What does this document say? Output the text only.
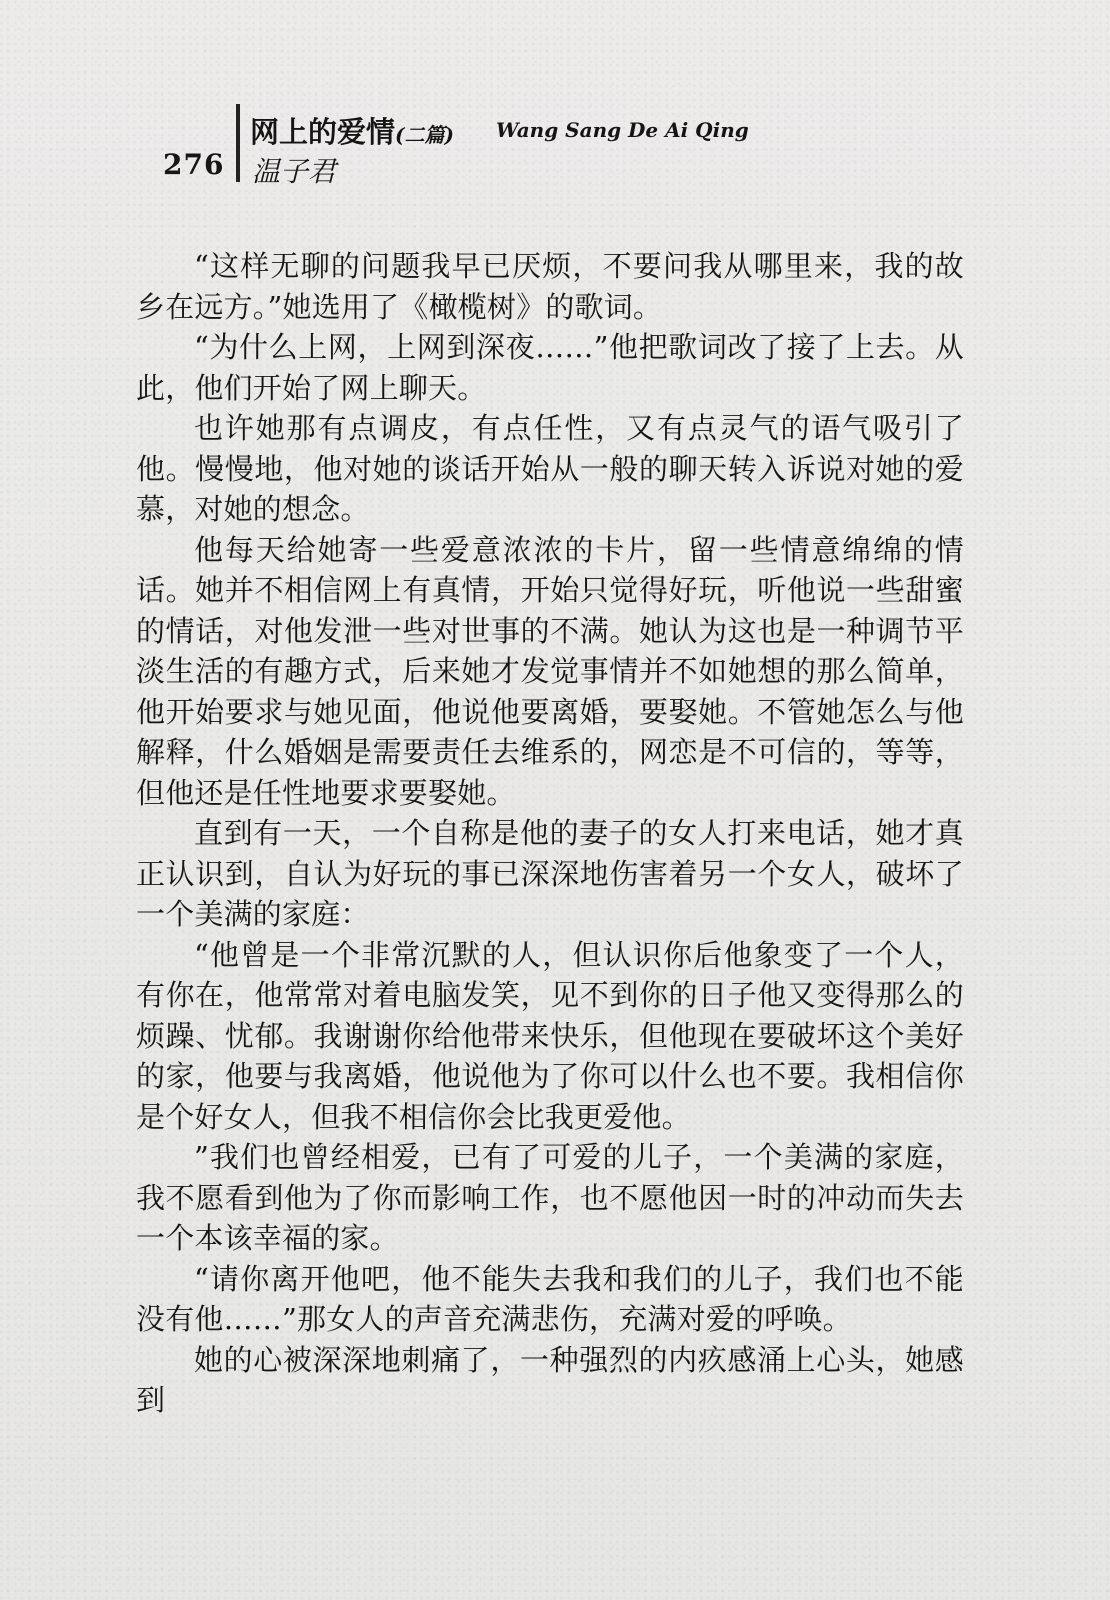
276
网上的爱情(二篇) Wang Sang De Ai Qing
温子君

“这样无聊的问题我早已厌烦，不要问我从哪里来，我的故乡在远方。”她选用了《橄榄树》的歌词。

“为什么上网，上网到深夜……”他把歌词改了接了上去。从此，他们开始了网上聊天。

也许她那有点调皮，有点任性，又有点灵气的语气吸引了他。慢慢地，他对她的谈话开始从一般的聊天转入诉说对她的爱慕，对她的想念。

他每天给她寄一些爱意浓浓的卡片，留一些情意绵绵的情话。她并不相信网上有真情，开始只觉得好玩，听他说一些甜蜜的情话，对他发泄一些对世事的不满。她认为这也是一种调节平淡生活的有趣方式，后来她才发觉事情并不如她想的那么简单，他开始要求与她见面，他说他要离婚，要娶她。不管她怎么与他解释，什么婚姻是需要责任去维系的，网恋是不可信的，等等，但他还是任性地要求要娶她。

直到有一天，一个自称是他的妻子的女人打来电话，她才真正认识到，自认为好玩的事已深深地伤害着另一个女人，破坏了一个美满的家庭：

“他曾是一个非常沉默的人，但认识你后他象变了一个人，有你在，他常常对着电脑发笑，见不到你的日子他又变得那么的烦躁、忧郁。我谢谢你给他带来快乐，但他现在要破坏这个美好的家，他要与我离婚，他说他为了你可以什么也不要。我相信你是个好女人，但我不相信你会比我更爱他。

”我们也曾经相爱，已有了可爱的儿子，一个美满的家庭，我不愿看到他为了你而影响工作，也不愿他因一时的冲动而失去一个本该幸福的家。

“请你离开他吧，他不能失去我和我们的儿子，我们也不能没有他……”那女人的声音充满悲伤，充满对爱的呼唤。

她的心被深深地刺痛了，一种强烈的内疚感涌上心头，她感到
